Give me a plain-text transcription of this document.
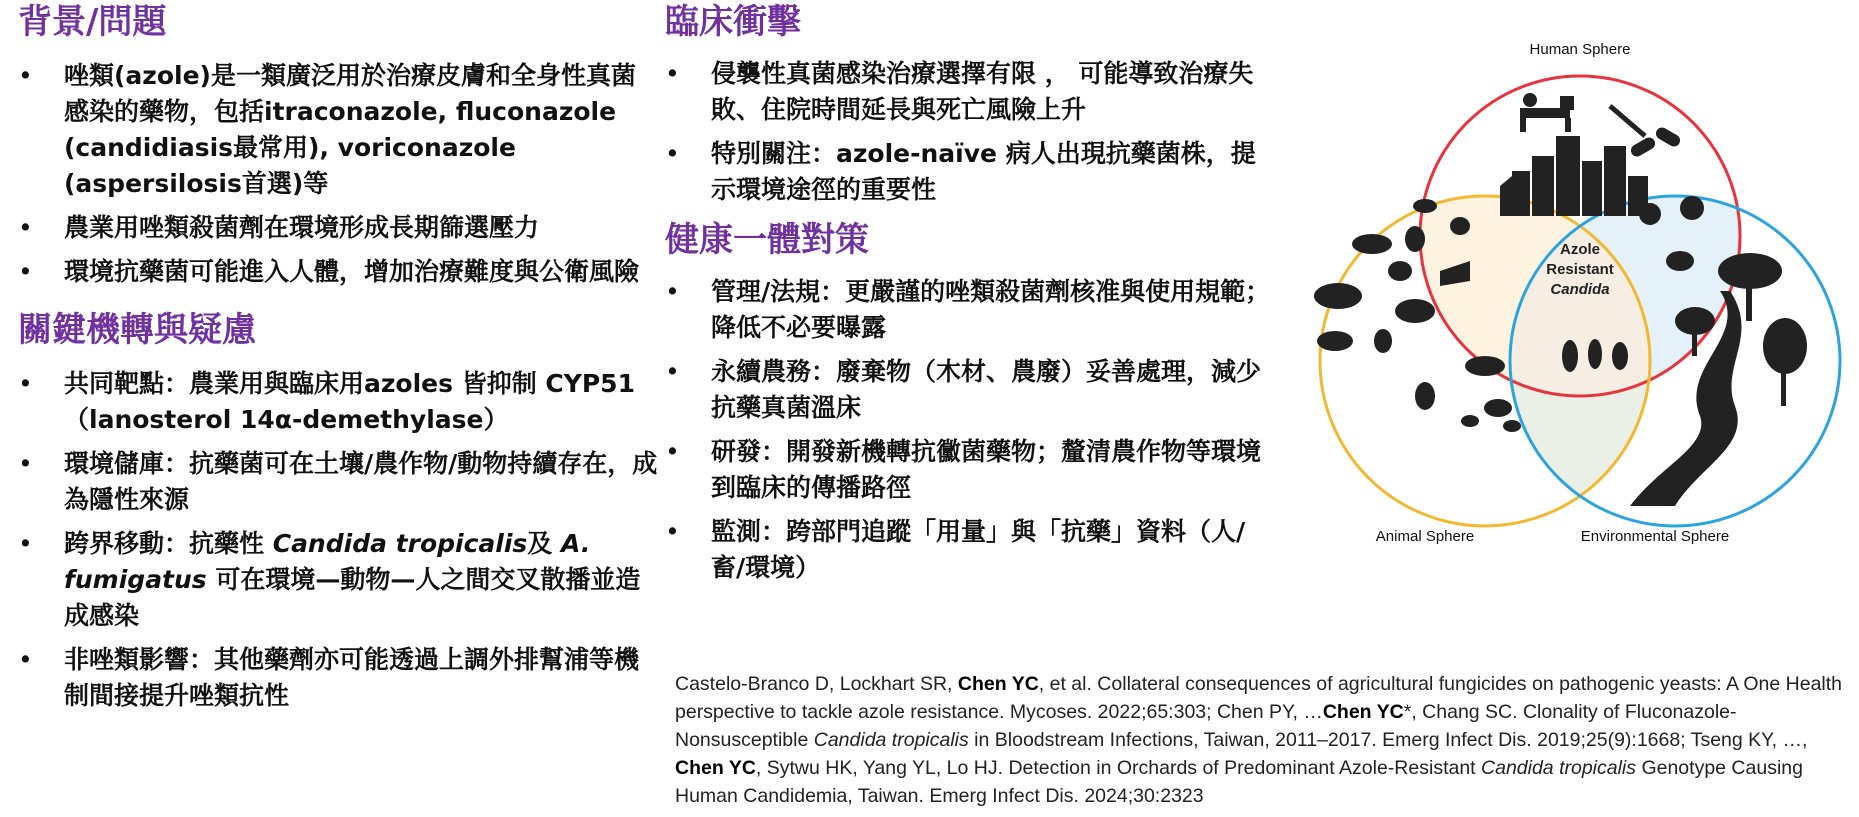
背景/問題
• 唑類(azole)是一類廣泛用於治療皮膚和全身性真菌感染的藥物，包括itraconazole, fluconazole (candidiasis最常用), voriconazole (aspersilosis首選)等
• 農業用唑類殺菌劑在環境形成長期篩選壓力
• 環境抗藥菌可能進入人體，增加治療難度與公衛風險
關鍵機轉與疑慮
• 共同靶點：農業用與臨床用azoles 皆抑制 CYP51（lanosterol 14α-demethylase）
• 環境儲庫：抗藥菌可在土壤/農作物/動物持續存在，成為隱性來源
• 跨界移動：抗藥性 Candida tropicalis及 A. fumigatus 可在環境—動物—人之間交叉散播並造成感染
• 非唑類影響：其他藥劑亦可能透過上調外排幫浦等機制間接提升唑類抗性
臨床衝擊
• 侵襲性真菌感染治療選擇有限 ， 可能導致治療失敗、住院時間延長與死亡風險上升
• 特別關注：azole-naïve 病人出現抗藥菌株，提示環境途徑的重要性
健康一體對策
• 管理/法規：更嚴謹的唑類殺菌劑核准與使用規範；降低不必要曝露
• 永續農務：廢棄物（木材、農廢）妥善處理，減少抗藥真菌溫床
• 研發：開發新機轉抗黴菌藥物；釐清農作物等環境到臨床的傳播路徑
• 監測：跨部門追蹤「用量」與「抗藥」資料（人/畜/環境）
Azole
Resistant
Candida
Human Sphere
Animal Sphere	Environmental Sphere
Castelo-Branco D, Lockhart SR, Chen YC, et al. Collateral consequences of agricultural fungicides on pathogenic yeasts: A One Health perspective to tackle azole resistance. Mycoses. 2022;65:303; Chen PY, …Chen YC*, Chang SC. Clonality of Fluconazole-Nonsusceptible Candida tropicalis in Bloodstream Infections, Taiwan, 2011–2017. Emerg Infect Dis. 2019;25(9):1668; Tseng KY, …, Chen YC, Sytwu HK, Yang YL, Lo HJ. Detection in Orchards of Predominant Azole-Resistant Candida tropicalis Genotype Causing Human Candidemia, Taiwan. Emerg Infect Dis. 2024;30:2323
